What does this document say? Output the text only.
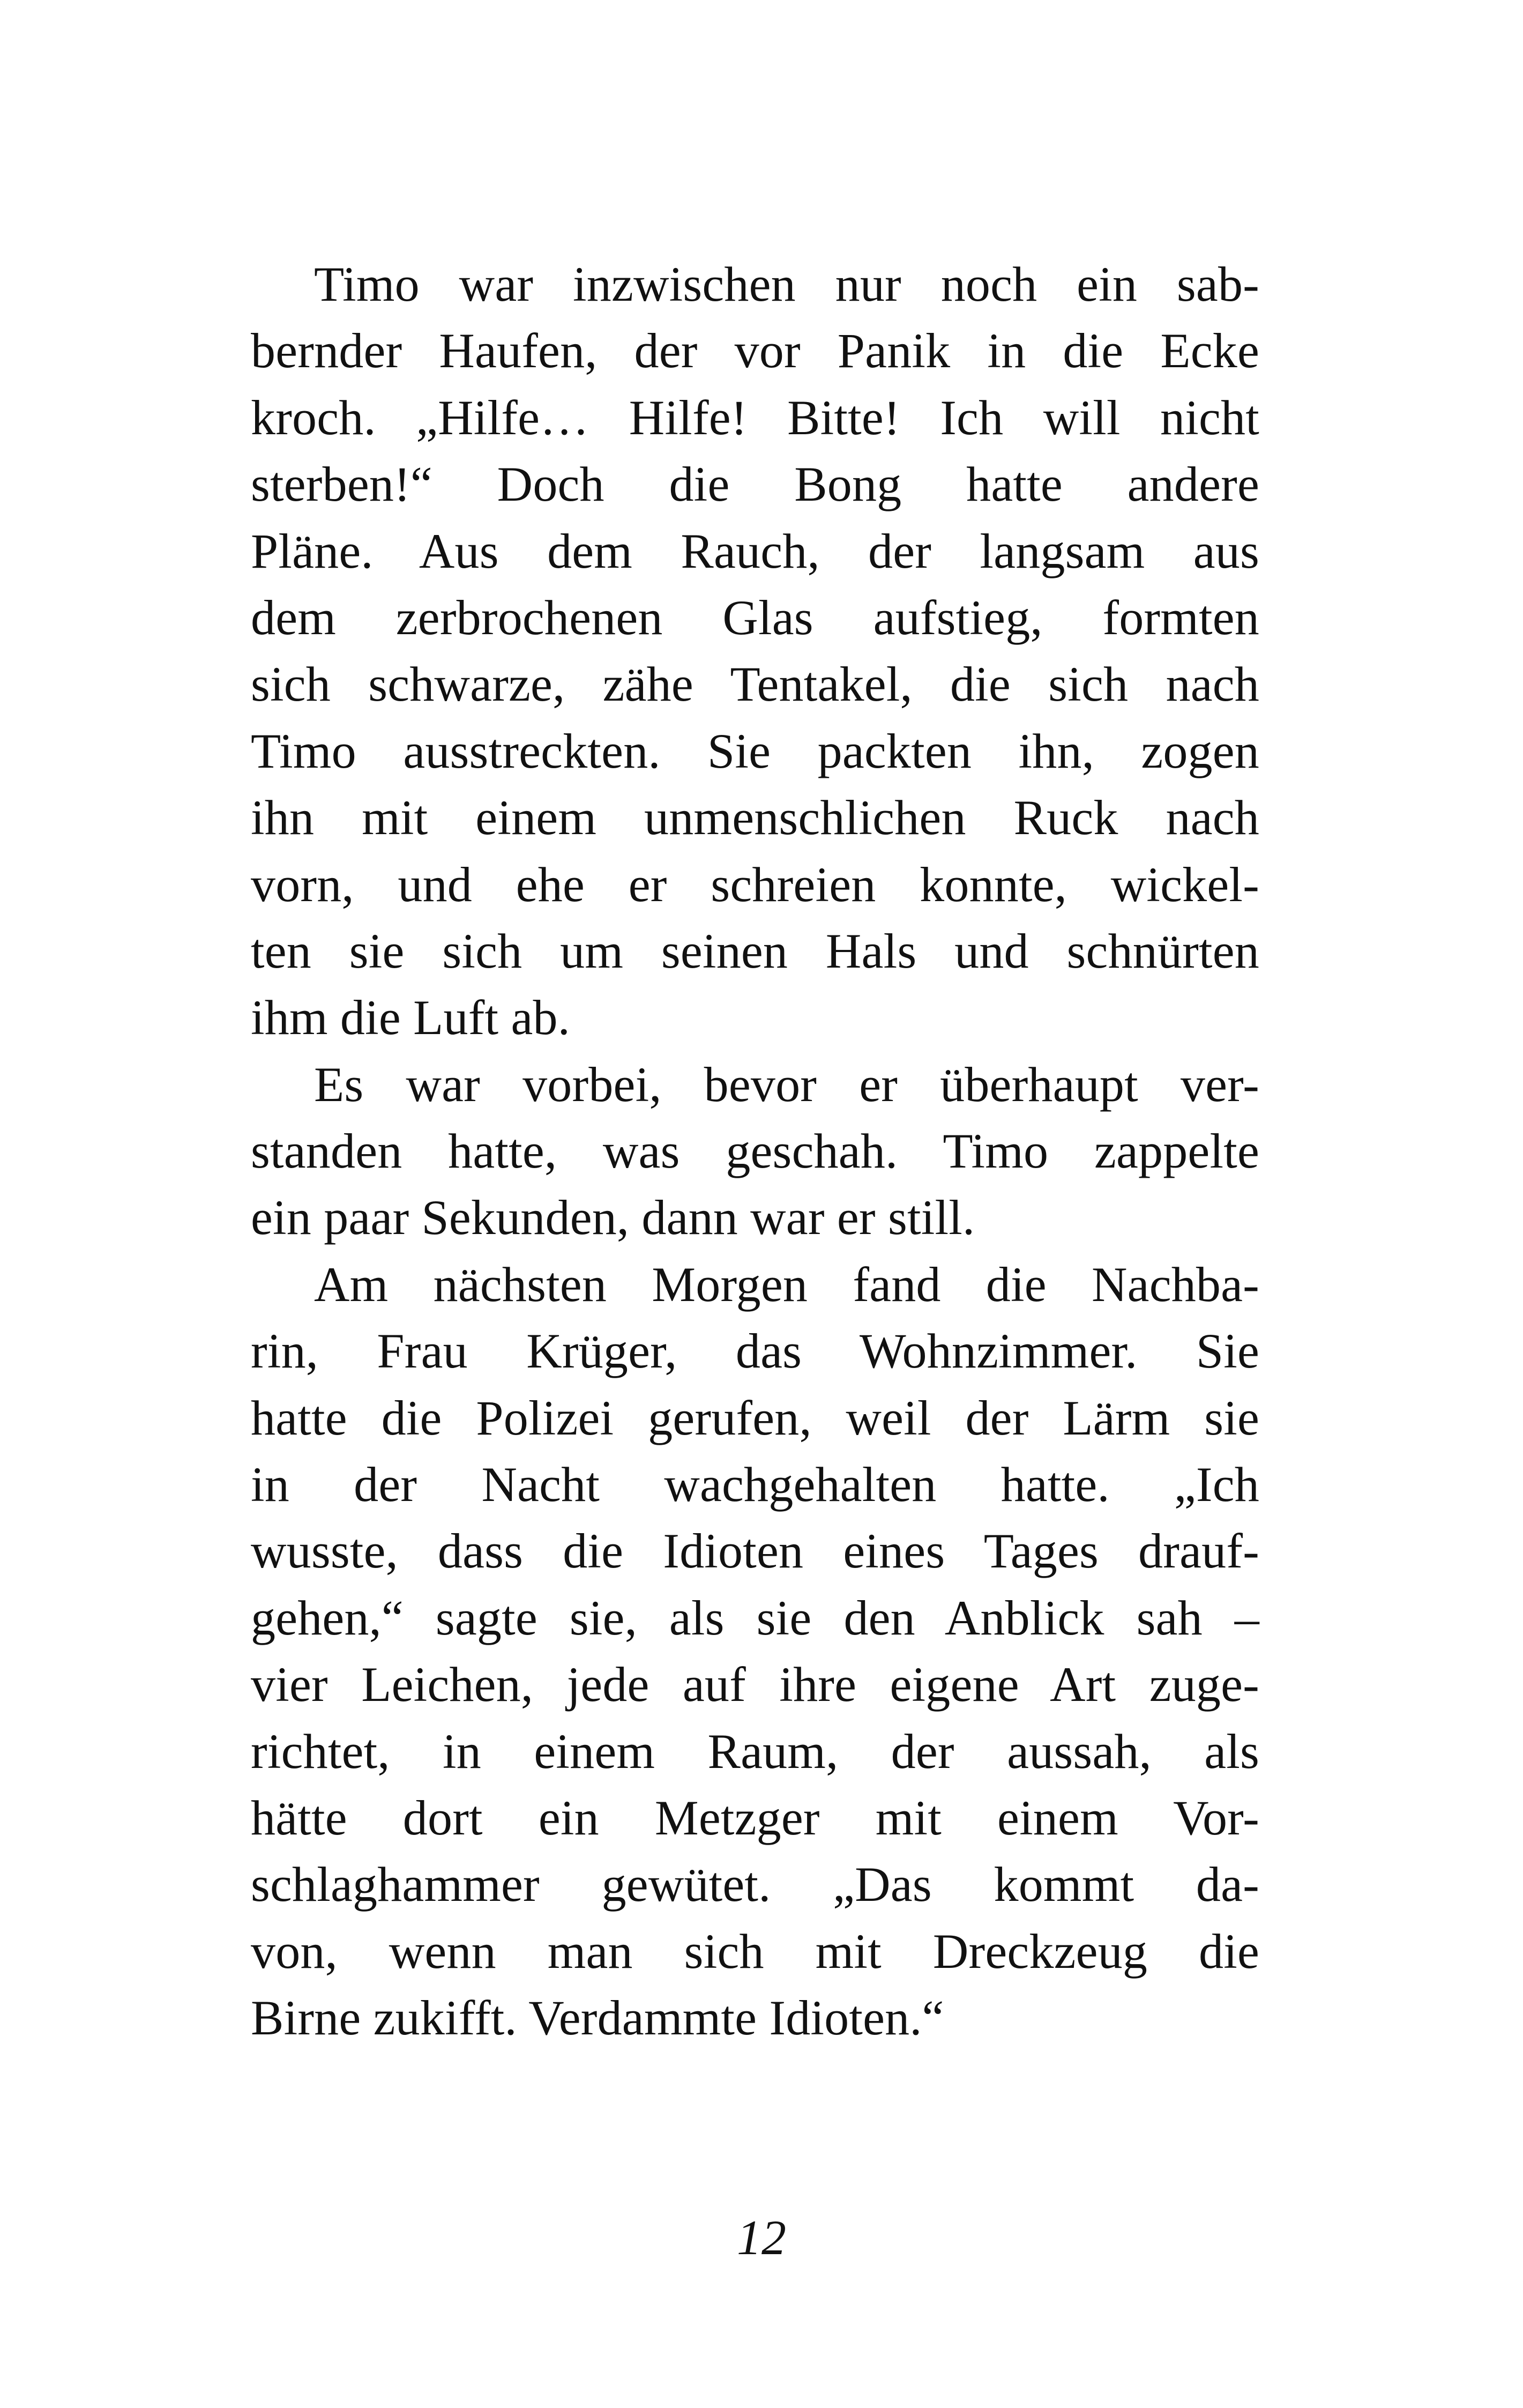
Timo war inzwischen nur noch ein sab-
bernder Haufen, der vor Panik in die Ecke
kroch. „Hilfe… Hilfe! Bitte! Ich will nicht
sterben!“ Doch die Bong hatte andere
Pläne. Aus dem Rauch, der langsam aus
dem zerbrochenen Glas aufstieg, formten
sich schwarze, zähe Tentakel, die sich nach
Timo ausstreckten. Sie packten ihn, zogen
ihn mit einem unmenschlichen Ruck nach
vorn, und ehe er schreien konnte, wickel-
ten sie sich um seinen Hals und schnürten
ihm die Luft ab.
Es war vorbei, bevor er überhaupt ver-
standen hatte, was geschah. Timo zappelte
ein paar Sekunden, dann war er still.
Am nächsten Morgen fand die Nachba-
rin, Frau Krüger, das Wohnzimmer. Sie
hatte die Polizei gerufen, weil der Lärm sie
in der Nacht wachgehalten hatte. „Ich
wusste, dass die Idioten eines Tages drauf-
gehen,“ sagte sie, als sie den Anblick sah –
vier Leichen, jede auf ihre eigene Art zuge-
richtet, in einem Raum, der aussah, als
hätte dort ein Metzger mit einem Vor-
schlaghammer gewütet. „Das kommt da-
von, wenn man sich mit Dreckzeug die
Birne zukifft. Verdammte Idioten.“
12
